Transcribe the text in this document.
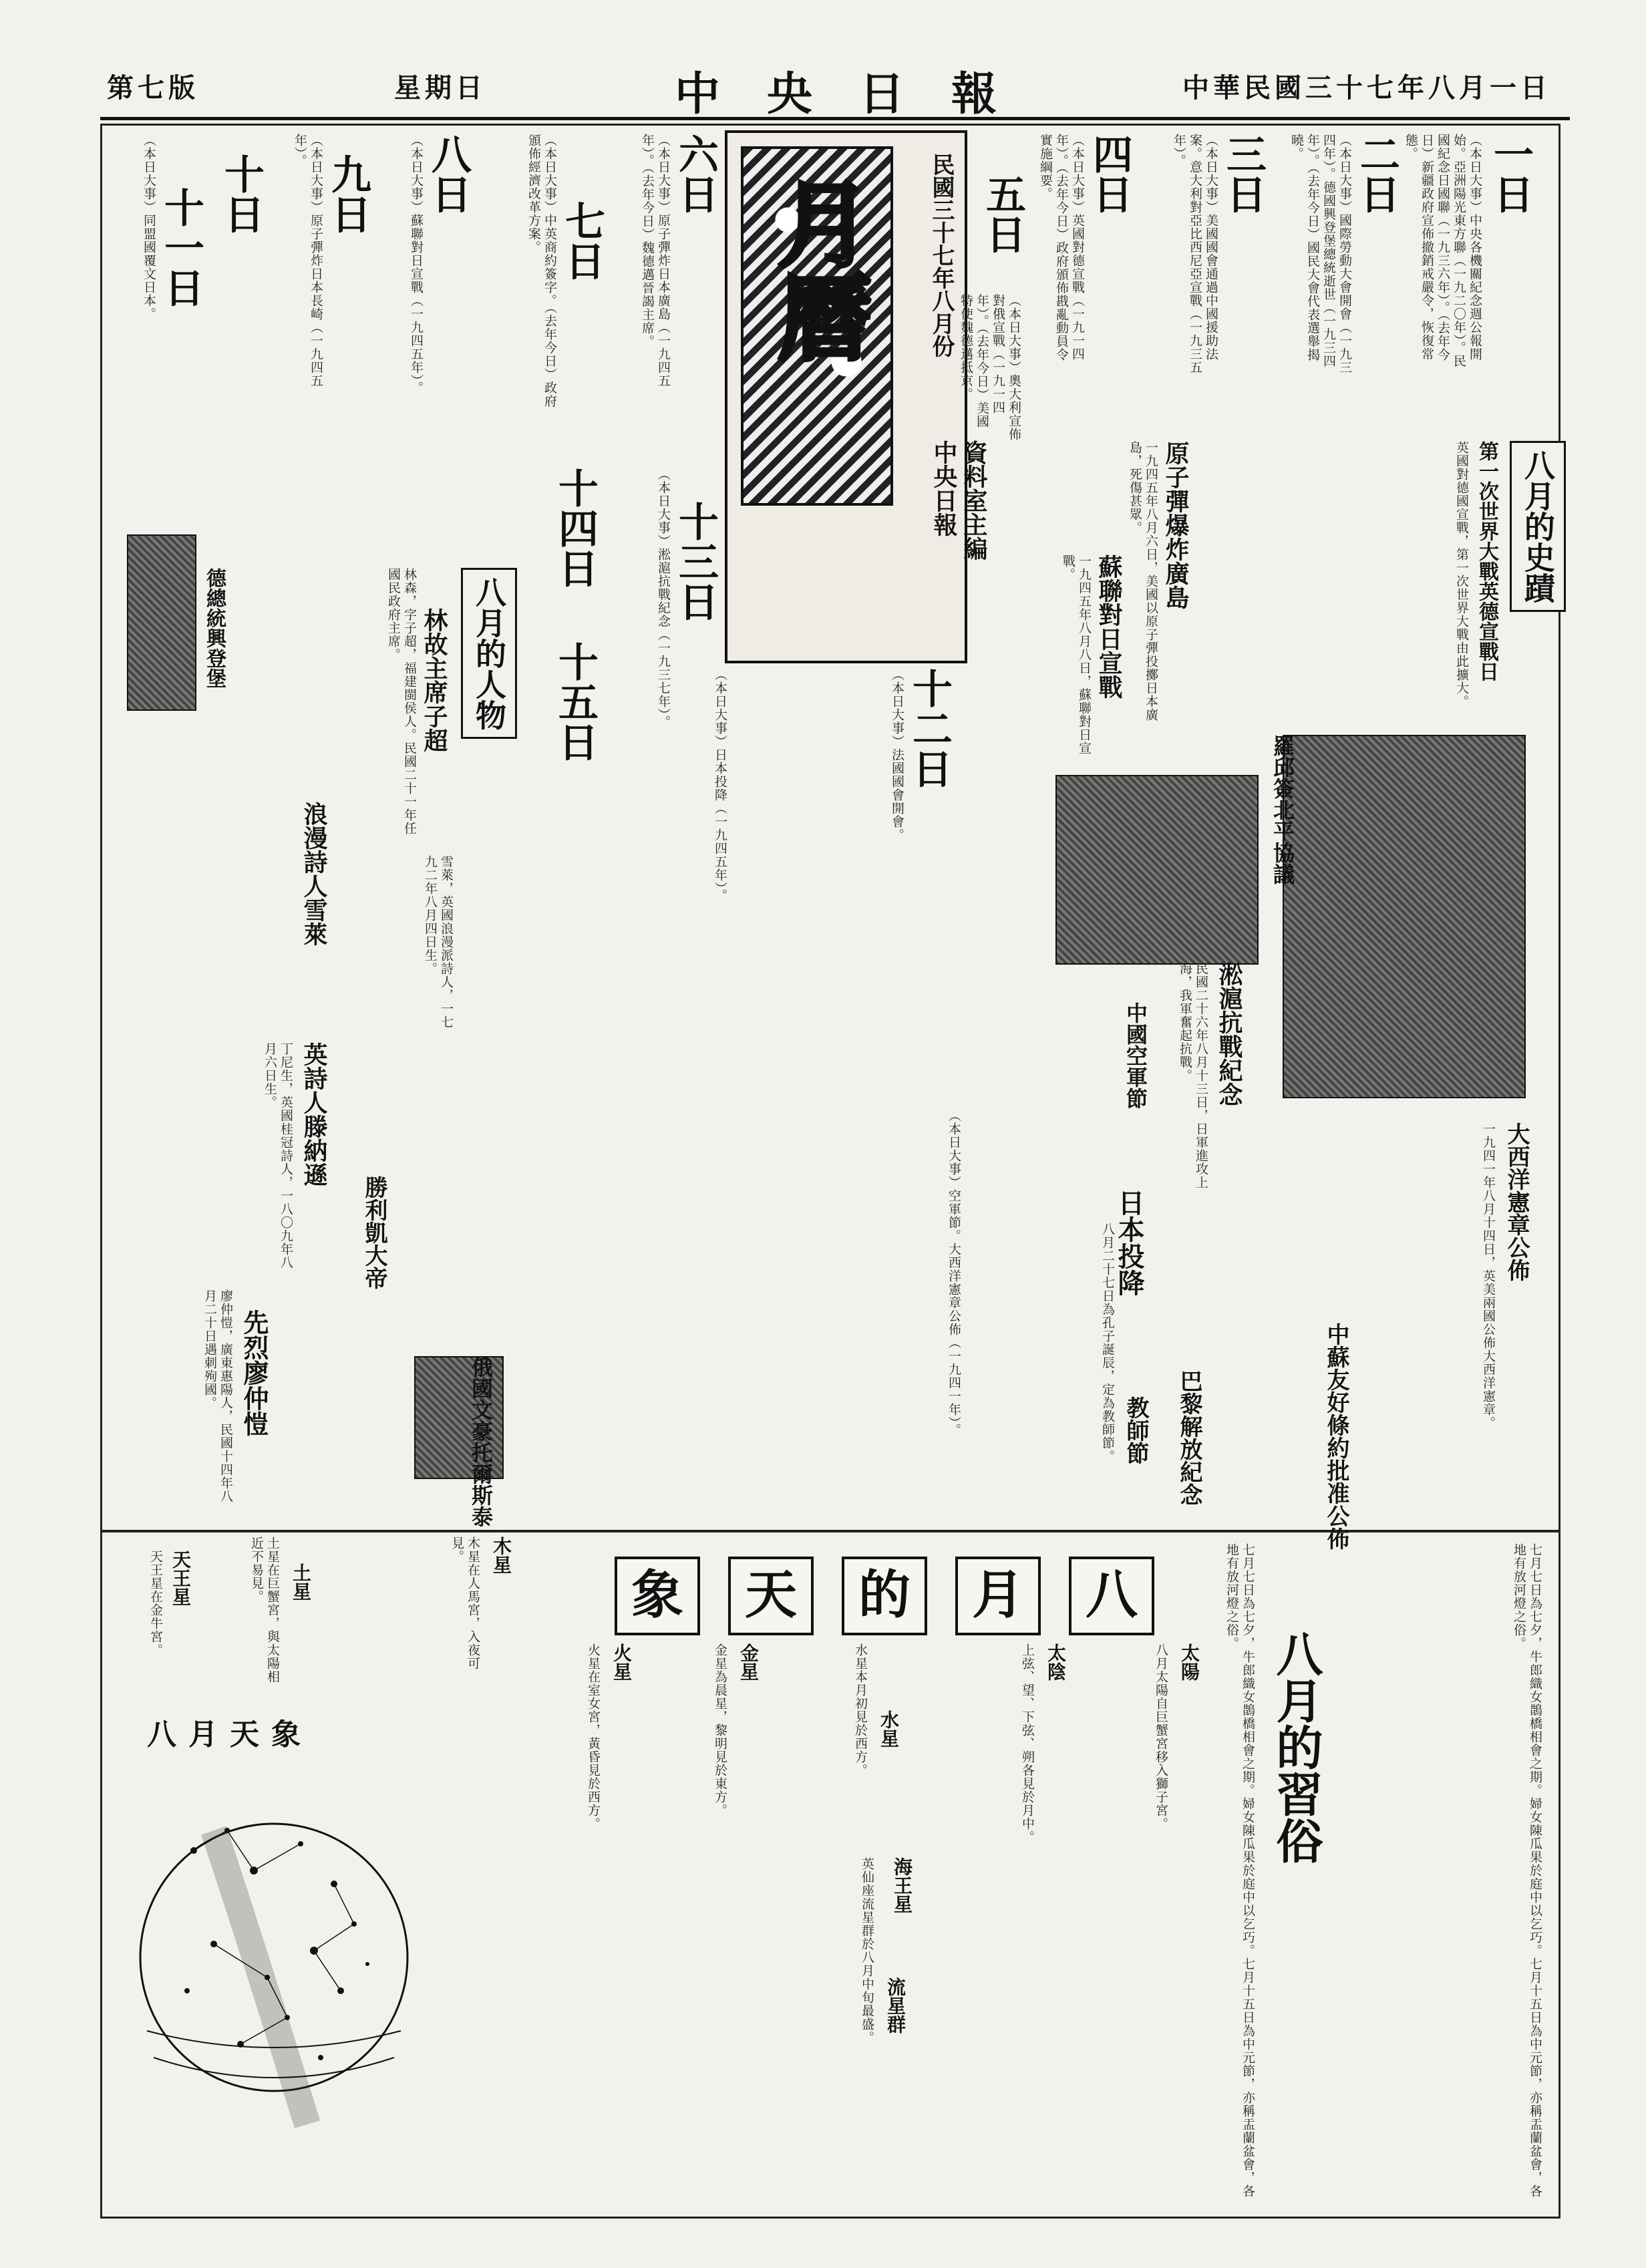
第七版	星期日	中央日報	中華民國三十七年八月一日
月曆 民國三十七年八月份
中央日報 資料室主編
一日
（本日大事）中央各機關紀念週公報開始。亞洲陽光東方聯（一九二〇年）。民國紀念日國聯（一九三六年）。（去年今日）新疆政府宣佈撤銷戒嚴令，恢復常態。
二日
（本日大事）國際勞動大會開會（一九三四年）。德國興登堡總統逝世（一九三四年）。（去年今日）國民大會代表選舉揭曉。
三日
（本日大事）美國國會通過中國援助法案。意大利對亞比西尼亞宣戰（一九三五年）。
四日
（本日大事）英國對德宣戰（一九一四年）。（去年今日）政府頒佈戡亂動員令實施綱要。
五日
（本日大事）奧大利宣佈對俄宣戰（一九一四年）。（去年今日）美國特使魏德邁抵京。
六日
（本日大事）原子彈炸日本廣島（一九四五年）。（去年今日）魏德邁晉謁主席。
七日
（本日大事）中英商約簽字。（去年今日）政府頒佈經濟改革方案。
八日
（本日大事）蘇聯對日宣戰（一九四五年）。
九日
（本日大事）原子彈炸日本長崎（一九四五年）。
十日
十一日
（本日大事）同盟國覆文日本。
十二日
（本日大事）法國國會開會。
十三日
（本日大事）淞滬抗戰紀念（一九三七年）。
十四日
十五日
八月的史蹟
第一次世界大戰英德宣戰日
英國對德國宣戰，第一次世界大戰由此擴大。
原子彈爆炸廣島
一九四五年八月六日，美國以原子彈投擲日本廣島，死傷甚眾。
蘇聯對日宣戰
一九四五年八月八日，蘇聯對日宣戰。
羅邱簽北平協議
淞滬抗戰紀念
民國二十六年八月十三日，日軍進攻上海，我軍奮起抗戰。
中國空軍節
日本投降	大西洋憲章公佈
一九四一年八月十四日，英美兩國公佈大西洋憲章。
中蘇友好條約批准公佈
巴黎解放紀念
教師節
八月二十七日為孔子誕辰，定為教師節。
（本日大事）空軍節。大西洋憲章公佈（一九四一年）。
（本日大事）日本投降（一九四五年）。
八月的人物
林故主席子超
林森，字子超，福建閩侯人。民國二十一年任國民政府主席。
浪漫詩人雪萊	雪萊，英國浪漫派詩人，一七九二年八月四日生。
英詩人滕納遜
丁尼生，英國桂冠詩人，一八〇九年八月六日生。
勝利凱大帝
先烈廖仲愷
廖仲愷，廣東惠陽人，民國十四年八月二十日遇刺殉國。
俄國文豪托爾斯泰
德總統興登堡
八
月
的
天
象
太陽
八月太陽自巨蟹宮移入獅子宮。
太陰
上弦、望、下弦、朔各見於月中。
水星
水星本月初見於西方。
金星
金星為晨星，黎明見於東方。
火星
火星在室女宮，黃昏見於西方。
木星
木星在人馬宮，入夜可見。
土星
土星在巨蟹宮，與太陽相近不易見。
天王星
天王星在金牛宮。
海王星
流星群
英仙座流星群於八月中旬最盛。
八月天象	八月的習俗	七月七日為七夕，牛郎織女鵲橋相會之期。婦女陳瓜果於庭中以乞巧。七月十五日為中元節，亦稱盂蘭盆會，各地有放河燈之俗。
七月七日為七夕，牛郎織女鵲橋相會之期。婦女陳瓜果於庭中以乞巧。七月十五日為中元節，亦稱盂蘭盆會，各地有放河燈之俗。
